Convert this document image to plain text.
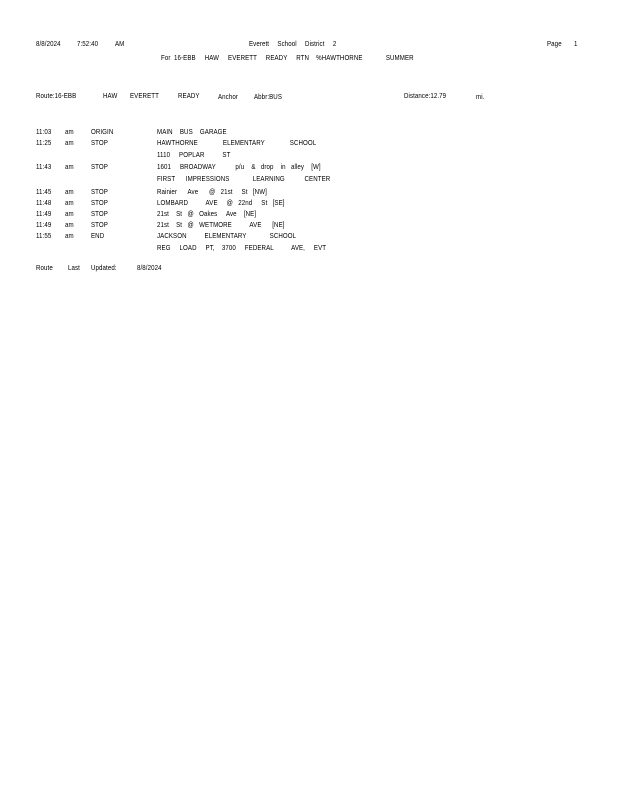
8/8/2024 7:52:40 AM	Everett School District 2	Page 1
For  16-EBB     HAW     EVERETT     READY     RTN    %HAWTHORNE             SUMMER
Route:16-EBB	HAW EVERETT	READY Anchor Abbr:BUS	Distance:12.79	mi.
11:03 am ORIGIN	MAIN    BUS    GARAGE
11:25 am STOP	HAWTHORNE              ELEMENTARY              SCHOOL
1110     POPLAR          ST
11:43 am STOP	1601     BROADWAY           p/u    &   drop    in   alley    [W]
FIRST      IMPRESSIONS             LEARNING           CENTER
11:45 am STOP	Rainier      Ave      @   21st     St   [NW]
11:48 am STOP	LOMBARD          AVE     @   22nd     St   [SE]
11:49 am STOP	21st    St   @   Oakes     Ave    [NE]
11:49 am STOP	21st    St   @   WETMORE          AVE      [NE]
11:55 am END	JACKSON          ELEMENTARY             SCHOOL
REG     LOAD     PT,    3700     FEDERAL          AVE,     EVT
Route Last Updated:	8/8/2024
